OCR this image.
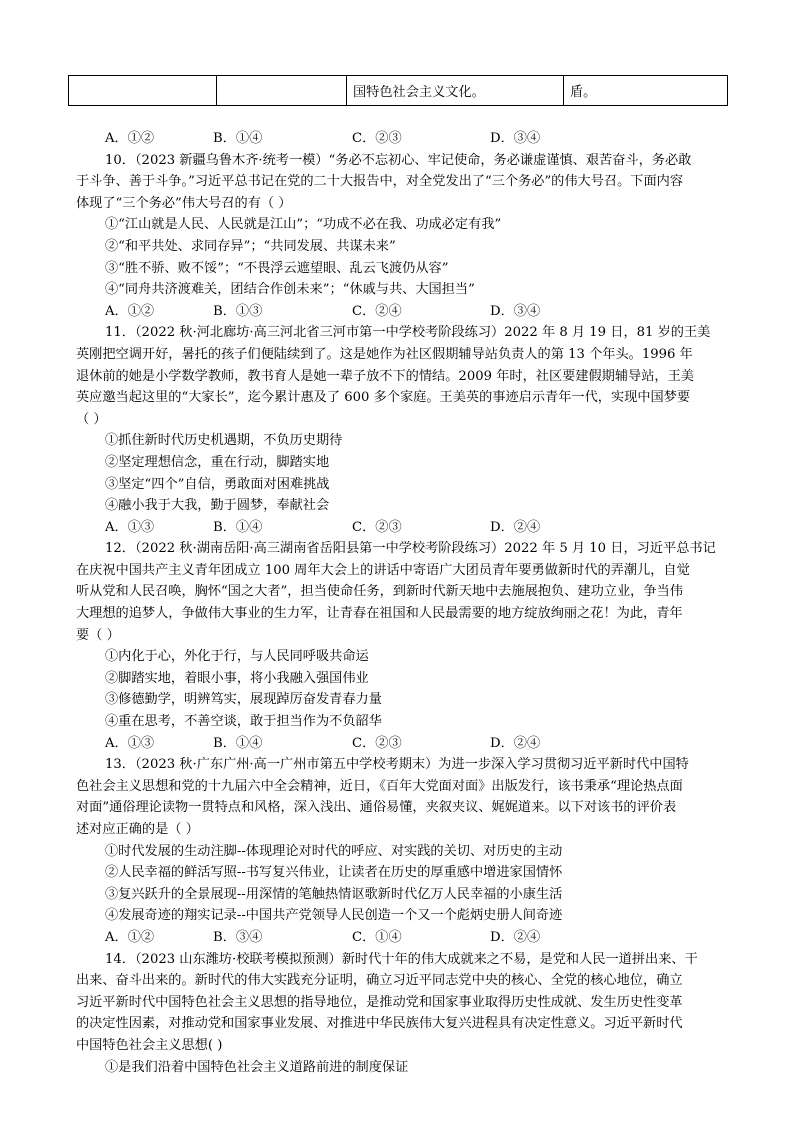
		国特色社会主义文化。	盾。
A．①②	B．①④	C．②③	D．③④
10．（2023 新疆乌鲁木齐·统考一模）“务必不忘初心、牢记使命，务必谦虚谨慎、艰苦奋斗，务必敢
于斗争、善于斗争。”习近平总书记在党的二十大报告中，对全党发出了“三个务必”的伟大号召。下面内容
体现了“三个务必”伟大号召的有（ ）
①“江山就是人民、人民就是江山”；“功成不必在我、功成必定有我”
②“和平共处、求同存异”；“共同发展、共谋未来”
③“胜不骄、败不馁”；“不畏浮云遮望眼、乱云飞渡仍从容”
④“同舟共济渡难关，团结合作创未来”；“休戚与共、大国担当”
A．①②	B．①③	C．②④	D．③④
11．（2022 秋·河北廊坊·高三河北省三河市第一中学校考阶段练习）2022 年 8 月 19 日，81 岁的王美
英刚把空调开好，暑托的孩子们便陆续到了。这是她作为社区假期辅导站负责人的第 13 个年头。1996 年
退休前的她是小学数学教师，教书育人是她一辈子放不下的情结。2009 年时，社区要建假期辅导站，王美
英应邀当起这里的“大家长”，迄今累计惠及了 600 多个家庭。王美英的事迹启示青年一代，实现中国梦要
（ ）
①抓住新时代历史机遇期，不负历史期待
②坚定理想信念，重在行动，脚踏实地
③坚定“四个”自信，勇敢面对困难挑战
④融小我于大我，勤于圆梦，奉献社会
A．①③	B．①④	C．②③	D．②④
12．（2022 秋·湖南岳阳·高三湖南省岳阳县第一中学校考阶段练习）2022 年 5 月 10 日，习近平总书记
在庆祝中国共产主义青年团成立 100 周年大会上的讲话中寄语广大团员青年要勇做新时代的弄潮儿，自觉
听从党和人民召唤，胸怀“国之大者”，担当使命任务，到新时代新天地中去施展抱负、建功立业，争当伟
大理想的追梦人，争做伟大事业的生力军，让青春在祖国和人民最需要的地方绽放绚丽之花！为此，青年
要（ ）
①内化于心，外化于行，与人民同呼吸共命运
②脚踏实地，着眼小事，将小我融入强国伟业
③修德勤学，明辨笃实，展现踔厉奋发青春力量
④重在思考，不善空谈，敢于担当作为不负韶华
A．①③	B．①④	C．②③	D．②④
13．（2023 秋·广东广州·高一广州市第五中学校考期末）为进一步深入学习贯彻习近平新时代中国特
色社会主义思想和党的十九届六中全会精神，近日，《百年大党面对面》出版发行，该书秉承“理论热点面
对面”通俗理论读物一贯特点和风格，深入浅出、通俗易懂，夹叙夹议、娓娓道来。以下对该书的评价表
述对应正确的是（ ）
①时代发展的生动注脚--体现理论对时代的呼应、对实践的关切、对历史的主动
②人民幸福的鲜活写照--书写复兴伟业，让读者在历史的厚重感中增进家国情怀
③复兴跃升的全景展现--用深情的笔触热情讴歌新时代亿万人民幸福的小康生活
④发展奇迹的翔实记录--中国共产党领导人民创造一个又一个彪炳史册人间奇迹
A．①②	B．③④	C．①④	D．②④
14．（2023 山东潍坊·校联考模拟预测）新时代十年的伟大成就来之不易，是党和人民一道拼出来、干
出来、奋斗出来的。新时代的伟大实践充分证明，确立习近平同志党中央的核心、全党的核心地位，确立
习近平新时代中国特色社会主义思想的指导地位，是推动党和国家事业取得历史性成就、发生历史性变革
的决定性因素，对推动党和国家事业发展、对推进中华民族伟大复兴进程具有决定性意义。习近平新时代
中国特色社会主义思想( )
①是我们沿着中国特色社会主义道路前进的制度保证
